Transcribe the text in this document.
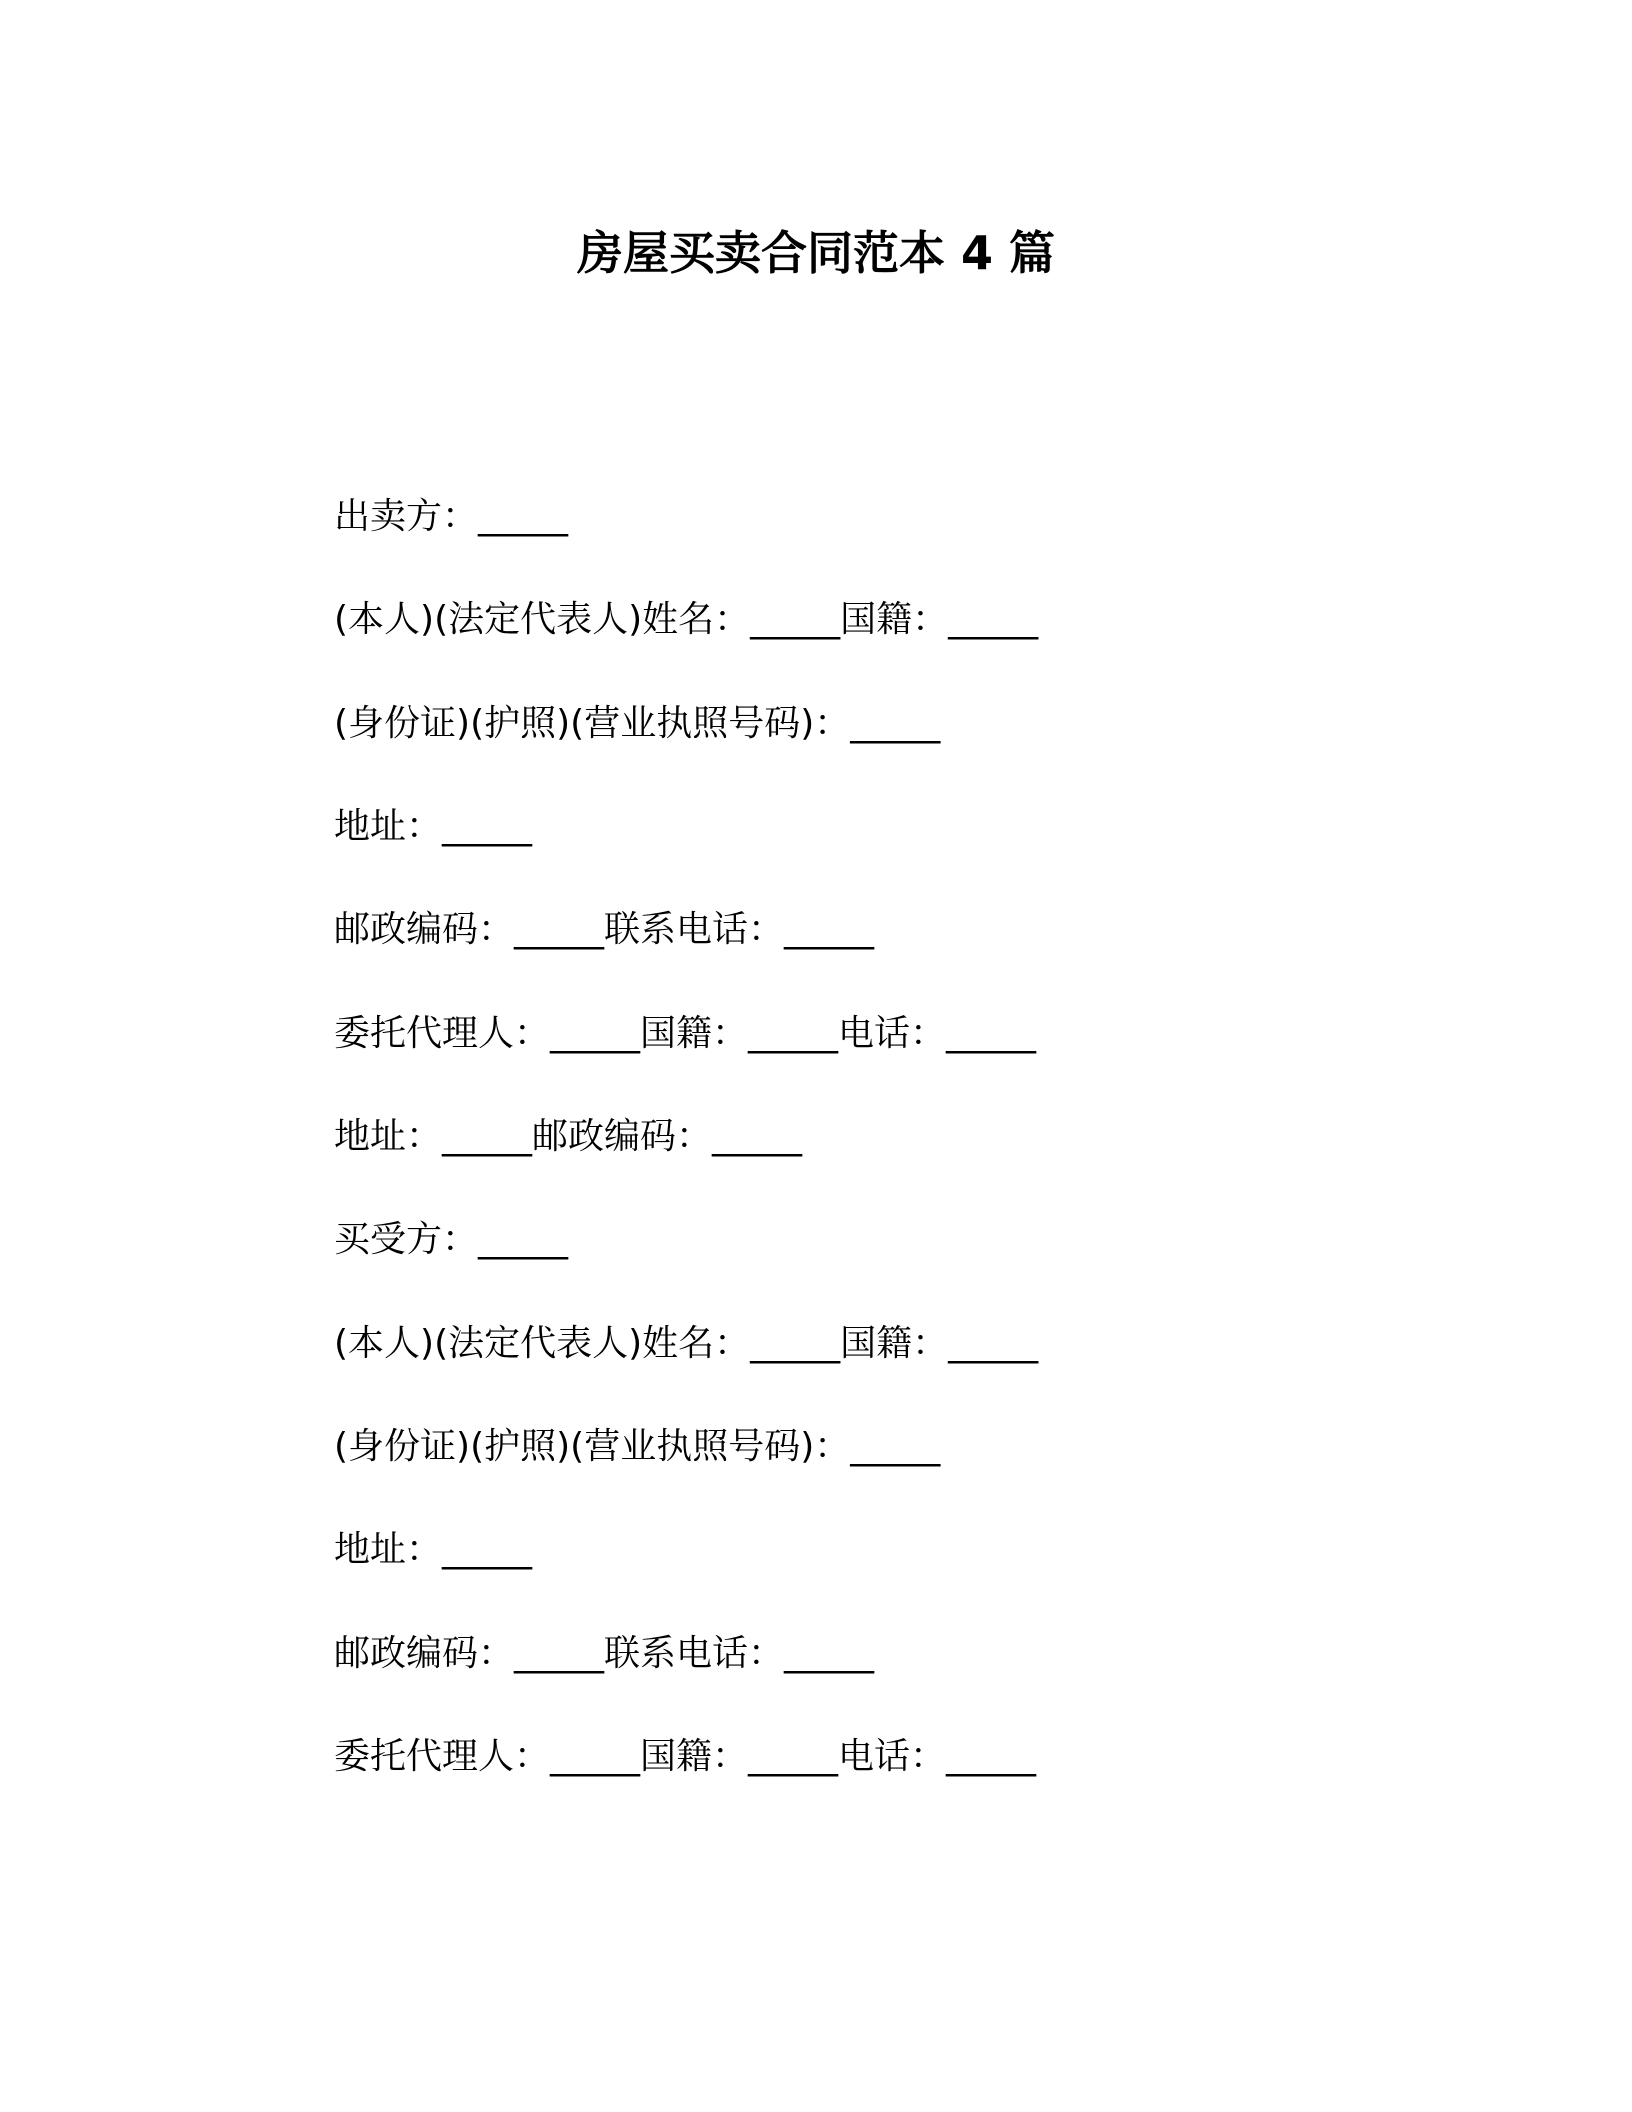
房屋买卖合同范本 4 篇
出卖方：_____
(本人)(法定代表人)姓名：_____国籍：_____
(身份证)(护照)(营业执照号码)：_____
地址：_____
邮政编码：_____联系电话：_____
委托代理人：_____国籍：_____电话：_____
地址：_____邮政编码：_____
买受方：_____
(本人)(法定代表人)姓名：_____国籍：_____
(身份证)(护照)(营业执照号码)：_____
地址：_____
邮政编码：_____联系电话：_____
委托代理人：_____国籍：_____电话：_____
